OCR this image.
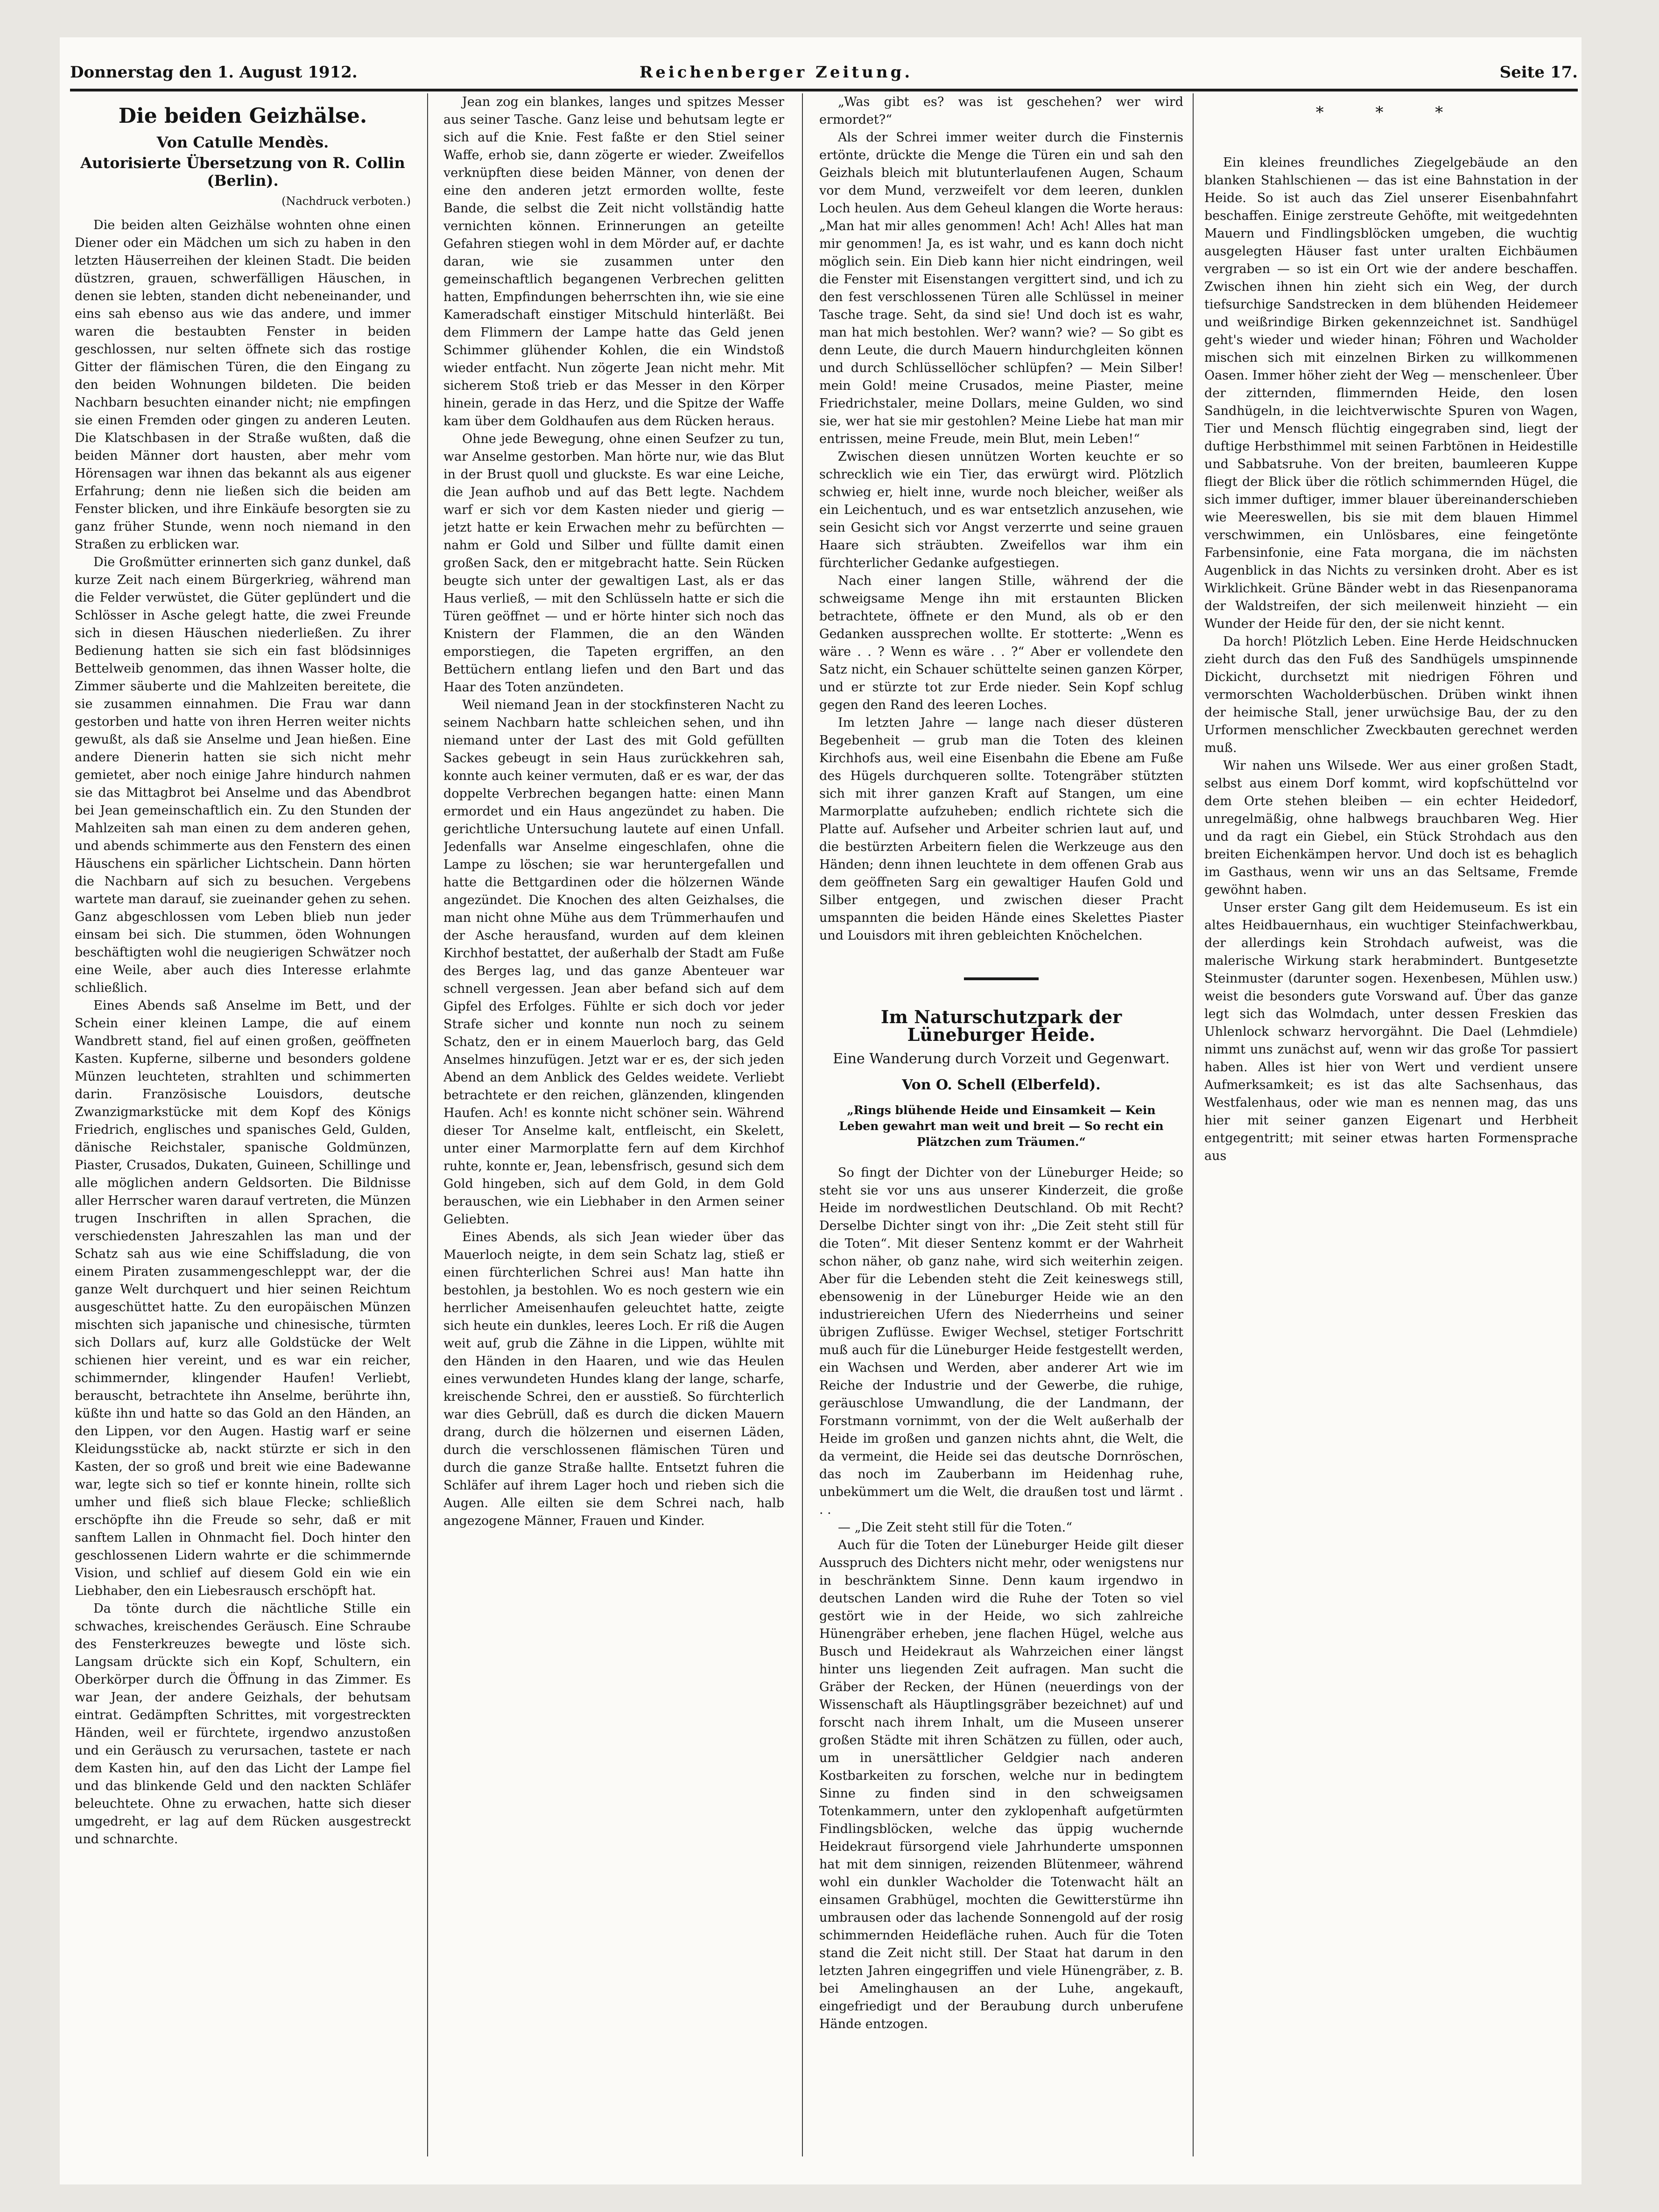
Donnerstag den 1. August 1912.	Reichenberger Zeitung.	Seite 17.
Die beiden Geizhälse.
Von Catulle Mendès.
Autorisierte Übersetzung von R. Collin (Berlin).
(Nachdruck verboten.)

Die beiden alten Geizhälse wohnten ohne einen Diener oder ein Mädchen um sich zu haben in den letzten Häuserreihen der kleinen Stadt. Die beiden düstzren, grauen, schwerfälligen Häuschen, in denen sie lebten, standen dicht nebeneinander, und eins sah ebenso aus wie das andere, und immer waren die bestaubten Fenster in beiden geschlossen, nur selten öffnete sich das rostige Gitter der flämischen Türen, die den Eingang zu den beiden Wohnungen bildeten. Die beiden Nachbarn besuchten einander nicht; nie empfingen sie einen Fremden oder gingen zu anderen Leuten. Die Klatschbasen in der Straße wußten, daß die beiden Männer dort hausten, aber mehr vom Hörensagen war ihnen das bekannt als aus eigener Erfahrung; denn nie ließen sich die beiden am Fenster blicken, und ihre Einkäufe besorgten sie zu ganz früher Stunde, wenn noch niemand in den Straßen zu erblicken war.

Die Großmütter erinnerten sich ganz dunkel, daß kurze Zeit nach einem Bürgerkrieg, während man die Felder verwüstet, die Güter geplündert und die Schlösser in Asche gelegt hatte, die zwei Freunde sich in diesen Häuschen niederließen. Zu ihrer Bedienung hatten sie sich ein fast blödsinniges Bettelweib genommen, das ihnen Wasser holte, die Zimmer säuberte und die Mahlzeiten bereitete, die sie zusammen einnahmen. Die Frau war dann gestorben und hatte von ihren Herren weiter nichts gewußt, als daß sie Anselme und Jean hießen. Eine andere Dienerin hatten sie sich nicht mehr gemietet, aber noch einige Jahre hindurch nahmen sie das Mittagbrot bei Anselme und das Abendbrot bei Jean gemeinschaftlich ein. Zu den Stunden der Mahlzeiten sah man einen zu dem anderen gehen, und abends schimmerte aus den Fenstern des einen Häuschens ein spärlicher Lichtschein. Dann hörten die Nachbarn auf sich zu besuchen. Vergebens wartete man darauf, sie zueinander gehen zu sehen. Ganz abgeschlossen vom Leben blieb nun jeder einsam bei sich. Die stummen, öden Wohnungen beschäftigten wohl die neugierigen Schwätzer noch eine Weile, aber auch dies Interesse erlahmte schließlich.

Eines Abends saß Anselme im Bett, und der Schein einer kleinen Lampe, die auf einem Wandbrett stand, fiel auf einen großen, geöffneten Kasten. Kupferne, silberne und besonders goldene Münzen leuchteten, strahlten und schimmerten darin. Französische Louisdors, deutsche Zwanzigmarkstücke mit dem Kopf des Königs Friedrich, englisches und spanisches Geld, Gulden, dänische Reichstaler, spanische Goldmünzen, Piaster, Crusados, Dukaten, Guineen, Schillinge und alle möglichen andern Geldsorten. Die Bildnisse aller Herrscher waren darauf vertreten, die Münzen trugen Inschriften in allen Sprachen, die verschiedensten Jahreszahlen las man und der Schatz sah aus wie eine Schiffsladung, die von einem Piraten zusammengeschleppt war, der die ganze Welt durchquert und hier seinen Reichtum ausgeschüttet hatte. Zu den europäischen Münzen mischten sich japanische und chinesische, türmten sich Dollars auf, kurz alle Goldstücke der Welt schienen hier vereint, und es war ein reicher, schimmernder, klingender Haufen! Verliebt, berauscht, betrachtete ihn Anselme, berührte ihn, küßte ihn und hatte so das Gold an den Händen, an den Lippen, vor den Augen. Hastig warf er seine Kleidungsstücke ab, nackt stürzte er sich in den Kasten, der so groß und breit wie eine Badewanne war, legte sich so tief er konnte hinein, rollte sich umher und fließ sich blaue Flecke; schließlich erschöpfte ihn die Freude so sehr, daß er mit sanftem Lallen in Ohnmacht fiel. Doch hinter den geschlossenen Lidern wahrte er die schimmernde Vision, und schlief auf diesem Gold ein wie ein Liebhaber, den ein Liebesrausch erschöpft hat.

Da tönte durch die nächtliche Stille ein schwaches, kreischendes Geräusch. Eine Schraube des Fensterkreuzes bewegte und löste sich. Langsam drückte sich ein Kopf, Schultern, ein Oberkörper durch die Öffnung in das Zimmer. Es war Jean, der andere Geizhals, der behutsam eintrat. Gedämpften Schrittes, mit vorgestreckten Händen, weil er fürchtete, irgendwo anzustoßen und ein Geräusch zu verursachen, tastete er nach dem Kasten hin, auf den das Licht der Lampe fiel und das blinkende Geld und den nackten Schläfer beleuchtete. Ohne zu erwachen, hatte sich dieser umgedreht, er lag auf dem Rücken ausgestreckt und schnarchte.

Jean zog ein blankes, langes und spitzes Messer aus seiner Tasche. Ganz leise und behutsam legte er sich auf die Knie. Fest faßte er den Stiel seiner Waffe, erhob sie, dann zögerte er wieder. Zweifellos verknüpften diese beiden Männer, von denen der eine den anderen jetzt ermorden wollte, feste Bande, die selbst die Zeit nicht vollständig hatte vernichten können. Erinnerungen an geteilte Gefahren stiegen wohl in dem Mörder auf, er dachte daran, wie sie zusammen unter den gemeinschaftlich begangenen Verbrechen gelitten hatten, Empfindungen beherrschten ihn, wie sie eine Kameradschaft einstiger Mitschuld hinterläßt. Bei dem Flimmern der Lampe hatte das Geld jenen Schimmer glühender Kohlen, die ein Windstoß wieder entfacht. Nun zögerte Jean nicht mehr. Mit sicherem Stoß trieb er das Messer in den Körper hinein, gerade in das Herz, und die Spitze der Waffe kam über dem Goldhaufen aus dem Rücken heraus.

Ohne jede Bewegung, ohne einen Seufzer zu tun, war Anselme gestorben. Man hörte nur, wie das Blut in der Brust quoll und gluckste. Es war eine Leiche, die Jean aufhob und auf das Bett legte. Nachdem warf er sich vor dem Kasten nieder und gierig — jetzt hatte er kein Erwachen mehr zu befürchten — nahm er Gold und Silber und füllte damit einen großen Sack, den er mitgebracht hatte. Sein Rücken beugte sich unter der gewaltigen Last, als er das Haus verließ, — mit den Schlüsseln hatte er sich die Türen geöffnet — und er hörte hinter sich noch das Knistern der Flammen, die an den Wänden emporstiegen, die Tapeten ergriffen, an den Bettüchern entlang liefen und den Bart und das Haar des Toten anzündeten.

Weil niemand Jean in der stockfinsteren Nacht zu seinem Nachbarn hatte schleichen sehen, und ihn niemand unter der Last des mit Gold gefüllten Sackes gebeugt in sein Haus zurückkehren sah, konnte auch keiner vermuten, daß er es war, der das doppelte Verbrechen begangen hatte: einen Mann ermordet und ein Haus angezündet zu haben. Die gerichtliche Untersuchung lautete auf einen Unfall. Jedenfalls war Anselme eingeschlafen, ohne die Lampe zu löschen; sie war heruntergefallen und hatte die Bettgardinen oder die hölzernen Wände angezündet. Die Knochen des alten Geizhalses, die man nicht ohne Mühe aus dem Trümmerhaufen und der Asche herausfand, wurden auf dem kleinen Kirchhof bestattet, der außerhalb der Stadt am Fuße des Berges lag, und das ganze Abenteuer war schnell vergessen. Jean aber befand sich auf dem Gipfel des Erfolges. Fühlte er sich doch vor jeder Strafe sicher und konnte nun noch zu seinem Schatz, den er in einem Mauerloch barg, das Geld Anselmes hinzufügen. Jetzt war er es, der sich jeden Abend an dem Anblick des Geldes weidete. Verliebt betrachtete er den reichen, glänzenden, klingenden Haufen. Ach! es konnte nicht schöner sein. Während dieser Tor Anselme kalt, entfleischt, ein Skelett, unter einer Marmorplatte fern auf dem Kirchhof ruhte, konnte er, Jean, lebensfrisch, gesund sich dem Gold hingeben, sich auf dem Gold, in dem Gold berauschen, wie ein Liebhaber in den Armen seiner Geliebten.

Eines Abends, als sich Jean wieder über das Mauerloch neigte, in dem sein Schatz lag, stieß er einen fürchterlichen Schrei aus! Man hatte ihn bestohlen, ja bestohlen. Wo es noch gestern wie ein herrlicher Ameisenhaufen geleuchtet hatte, zeigte sich heute ein dunkles, leeres Loch. Er riß die Augen weit auf, grub die Zähne in die Lippen, wühlte mit den Händen in den Haaren, und wie das Heulen eines verwundeten Hundes klang der lange, scharfe, kreischende Schrei, den er ausstieß. So fürchterlich war dies Gebrüll, daß es durch die dicken Mauern drang, durch die hölzernen und eisernen Läden, durch die verschlossenen flämischen Türen und durch die ganze Straße hallte. Entsetzt fuhren die Schläfer auf ihrem Lager hoch und rieben sich die Augen. Alle eilten sie dem Schrei nach, halb angezogene Männer, Frauen und Kinder.

„Was gibt es? was ist geschehen? wer wird ermordet?“

Als der Schrei immer weiter durch die Finsternis ertönte, drückte die Menge die Türen ein und sah den Geizhals bleich mit blutunterlaufenen Augen, Schaum vor dem Mund, verzweifelt vor dem leeren, dunklen Loch heulen. Aus dem Geheul klangen die Worte heraus: „Man hat mir alles genommen! Ach! Ach! Alles hat man mir genommen! Ja, es ist wahr, und es kann doch nicht möglich sein. Ein Dieb kann hier nicht eindringen, weil die Fenster mit Eisenstangen vergittert sind, und ich zu den fest verschlossenen Türen alle Schlüssel in meiner Tasche trage. Seht, da sind sie! Und doch ist es wahr, man hat mich bestohlen. Wer? wann? wie? — So gibt es denn Leute, die durch Mauern hindurchgleiten können und durch Schlüssellöcher schlüpfen? — Mein Silber! mein Gold! meine Crusados, meine Piaster, meine Friedrichstaler, meine Dollars, meine Gulden, wo sind sie, wer hat sie mir gestohlen? Meine Liebe hat man mir entrissen, meine Freude, mein Blut, mein Leben!“

Zwischen diesen unnützen Worten keuchte er so schrecklich wie ein Tier, das erwürgt wird. Plötzlich schwieg er, hielt inne, wurde noch bleicher, weißer als ein Leichentuch, und es war entsetzlich anzusehen, wie sein Gesicht sich vor Angst verzerrte und seine grauen Haare sich sträubten. Zweifellos war ihm ein fürchterlicher Gedanke aufgestiegen.

Nach einer langen Stille, während der die schweigsame Menge ihn mit erstaunten Blicken betrachtete, öffnete er den Mund, als ob er den Gedanken aussprechen wollte. Er stotterte: „Wenn es wäre . . ? Wenn es wäre . . ?“ Aber er vollendete den Satz nicht, ein Schauer schüttelte seinen ganzen Körper, und er stürzte tot zur Erde nieder. Sein Kopf schlug gegen den Rand des leeren Loches.

Im letzten Jahre — lange nach dieser düsteren Begebenheit — grub man die Toten des kleinen Kirchhofs aus, weil eine Eisenbahn die Ebene am Fuße des Hügels durchqueren sollte. Totengräber stützten sich mit ihrer ganzen Kraft auf Stangen, um eine Marmorplatte aufzuheben; endlich richtete sich die Platte auf. Aufseher und Arbeiter schrien laut auf, und die bestürzten Arbeitern fielen die Werkzeuge aus den Händen; denn ihnen leuchtete in dem offenen Grab aus dem geöffneten Sarg ein gewaltiger Haufen Gold und Silber entgegen, und zwischen dieser Pracht umspannten die beiden Hände eines Skelettes Piaster und Louisdors mit ihren gebleichten Knöchelchen.

Im Naturschutzpark der Lüneburger Heide.
Eine Wanderung durch Vorzeit und Gegenwart.
Von O. Schell (Elberfeld).
„Rings blühende Heide und Einsamkeit — Kein Leben gewahrt man weit und breit — So recht ein Plätzchen zum Träumen.“

So fingt der Dichter von der Lüneburger Heide; so steht sie vor uns aus unserer Kinderzeit, die große Heide im nordwestlichen Deutschland. Ob mit Recht? Derselbe Dichter singt von ihr: „Die Zeit steht still für die Toten“. Mit dieser Sentenz kommt er der Wahrheit schon näher, ob ganz nahe, wird sich weiterhin zeigen. Aber für die Lebenden steht die Zeit keineswegs still, ebensowenig in der Lüneburger Heide wie an den industriereichen Ufern des Niederrheins und seiner übrigen Zuflüsse. Ewiger Wechsel, stetiger Fortschritt muß auch für die Lüneburger Heide festgestellt werden, ein Wachsen und Werden, aber anderer Art wie im Reiche der Industrie und der Gewerbe, die ruhige, geräuschlose Umwandlung, die der Landmann, der Forstmann vornimmt, von der die Welt außerhalb der Heide im großen und ganzen nichts ahnt, die Welt, die da vermeint, die Heide sei das deutsche Dornröschen, das noch im Zauberbann im Heidenhag ruhe, unbekümmert um die Welt, die draußen tost und lärmt . . .

— „Die Zeit steht still für die Toten.“

Auch für die Toten der Lüneburger Heide gilt dieser Ausspruch des Dichters nicht mehr, oder wenigstens nur in beschränktem Sinne. Denn kaum irgendwo in deutschen Landen wird die Ruhe der Toten so viel gestört wie in der Heide, wo sich zahlreiche Hünengräber erheben, jene flachen Hügel, welche aus Busch und Heidekraut als Wahrzeichen einer längst hinter uns liegenden Zeit aufragen. Man sucht die Gräber der Recken, der Hünen (neuerdings von der Wissenschaft als Häuptlingsgräber bezeichnet) auf und forscht nach ihrem Inhalt, um die Museen unserer großen Städte mit ihren Schätzen zu füllen, oder auch, um in unersättlicher Geldgier nach anderen Kostbarkeiten zu forschen, welche nur in bedingtem Sinne zu finden sind in den schweigsamen Totenkammern, unter den zyklopenhaft aufgetürmten Findlingsblöcken, welche das üppig wuchernde Heidekraut fürsorgend viele Jahrhunderte umsponnen hat mit dem sinnigen, reizenden Blütenmeer, während wohl ein dunkler Wacholder die Totenwacht hält an einsamen Grabhügel, mochten die Gewitterstürme ihn umbrausen oder das lachende Sonnengold auf der rosig schimmernden Heidefläche ruhen. Auch für die Toten stand die Zeit nicht still. Der Staat hat darum in den letzten Jahren eingegriffen und viele Hünengräber, z. B. bei Amelinghausen an der Luhe, angekauft, eingefriedigt und der Beraubung durch unberufene Hände entzogen.

* * *

Ein kleines freundliches Ziegelgebäude an den blanken Stahlschienen — das ist eine Bahnstation in der Heide. So ist auch das Ziel unserer Eisenbahnfahrt beschaffen. Einige zerstreute Gehöfte, mit weitgedehnten Mauern und Findlingsblöcken umgeben, die wuchtig ausgelegten Häuser fast unter uralten Eichbäumen vergraben — so ist ein Ort wie der andere beschaffen. Zwischen ihnen hin zieht sich ein Weg, der durch tiefsurchige Sandstrecken in dem blühenden Heidemeer und weißrindige Birken gekennzeichnet ist. Sandhügel geht's wieder und wieder hinan; Föhren und Wacholder mischen sich mit einzelnen Birken zu willkommenen Oasen. Immer höher zieht der Weg — menschenleer. Über der zitternden, flimmernden Heide, den losen Sandhügeln, in die leichtverwischte Spuren von Wagen, Tier und Mensch flüchtig eingegraben sind, liegt der duftige Herbsthimmel mit seinen Farbtönen in Heidestille und Sabbatsruhe. Von der breiten, baumleeren Kuppe fliegt der Blick über die rötlich schimmernden Hügel, die sich immer duftiger, immer blauer übereinanderschieben wie Meereswellen, bis sie mit dem blauen Himmel verschwimmen, ein Unlösbares, eine feingetönte Farbensinfonie, eine Fata morgana, die im nächsten Augenblick in das Nichts zu versinken droht. Aber es ist Wirklichkeit. Grüne Bänder webt in das Riesenpanorama der Waldstreifen, der sich meilenweit hinzieht — ein Wunder der Heide für den, der sie nicht kennt.

Da horch! Plötzlich Leben. Eine Herde Heidschnucken zieht durch das den Fuß des Sandhügels umspinnende Dickicht, durchsetzt mit niedrigen Föhren und vermorschten Wacholderbüschen. Drüben winkt ihnen der heimische Stall, jener urwüchsige Bau, der zu den Urformen menschlicher Zweckbauten gerechnet werden muß.

Wir nahen uns Wilsede. Wer aus einer großen Stadt, selbst aus einem Dorf kommt, wird kopfschüttelnd vor dem Orte stehen bleiben — ein echter Heidedorf, unregelmäßig, ohne halbwegs brauchbaren Weg. Hier und da ragt ein Giebel, ein Stück Strohdach aus den breiten Eichenkämpen hervor. Und doch ist es behaglich im Gasthaus, wenn wir uns an das Seltsame, Fremde gewöhnt haben.

Unser erster Gang gilt dem Heidemuseum. Es ist ein altes Heidbauernhaus, ein wuchtiger Steinfachwerkbau, der allerdings kein Strohdach aufweist, was die malerische Wirkung stark herabmindert. Buntgesetzte Steinmuster (darunter sogen. Hexenbesen, Mühlen usw.) weist die besonders gute Vorswand auf. Über das ganze legt sich das Wolmdach, unter dessen Freskien das Uhlenlock schwarz hervorgähnt. Die Dael (Lehmdiele) nimmt uns zunächst auf, wenn wir das große Tor passiert haben. Alles ist hier von Wert und verdient unsere Aufmerksamkeit; es ist das alte Sachsenhaus, das Westfalenhaus, oder wie man es nennen mag, das uns hier mit seiner ganzen Eigenart und Herbheit entgegentritt; mit seiner etwas harten Formensprache aus
